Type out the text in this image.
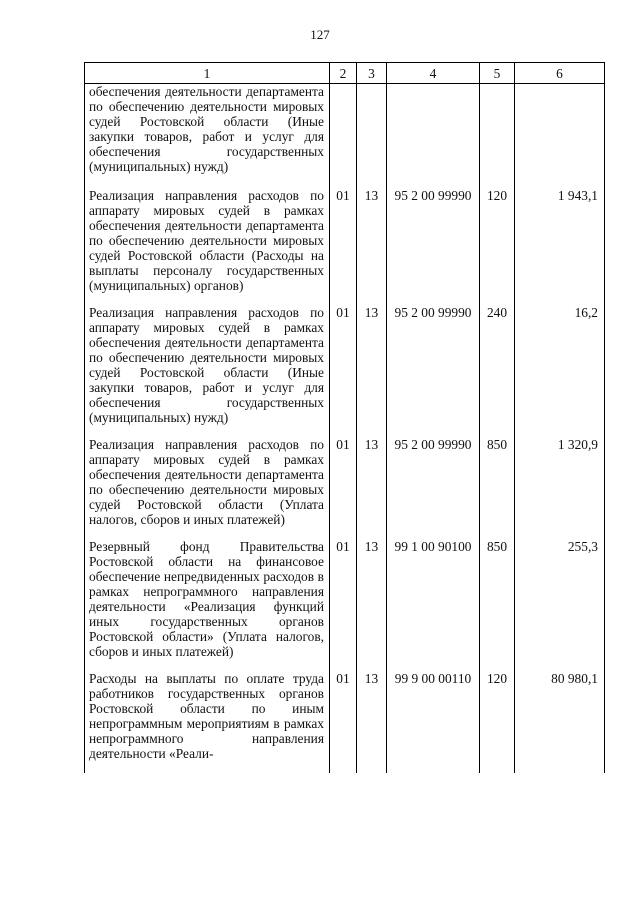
127
1	2	3	4	5	6

обеспечения деятельности департамента по обеспечению деятельности мировых судей Ростовской области (Иные закупки товаров, работ и услуг для обеспечения государственных (муниципальных) нужд)					

Реализация направления расходов по аппарату мировых судей в рамках обеспечения деятельности департамента по обеспечению деятельности мировых судей Ростовской области (Расходы на выплаты персоналу государственных (муниципальных) органов)	01	13	95 2 00 99990	120	1 943,1

Реализация направления расходов по аппарату мировых судей в рамках обеспечения деятельности департамента по обеспечению деятельности мировых судей Ростовской области (Иные закупки товаров, работ и услуг для обеспечения государственных (муниципальных) нужд)	01	13	95 2 00 99990	240	16,2

Реализация направления расходов по аппарату мировых судей в рамках обеспечения деятельности департамента по обеспечению деятельности мировых судей Ростовской области (Уплата налогов, сборов и иных платежей)	01	13	95 2 00 99990	850	1 320,9

Резервный фонд Правительства Ростовской области на финансовое обеспечение непредвиденных расходов в рамках непрограммного направления деятельности «Реализация функций иных государственных органов Ростовской области» (Уплата налогов, сборов и иных платежей)	01	13	99 1 00 90100	850	255,3

Расходы на выплаты по оплате труда работников государственных органов Ростовской области по иным непрограммным мероприятиям в рамках непрограммного направления деятельности «Реали-	01	13	99 9 00 00110	120	80 980,1
